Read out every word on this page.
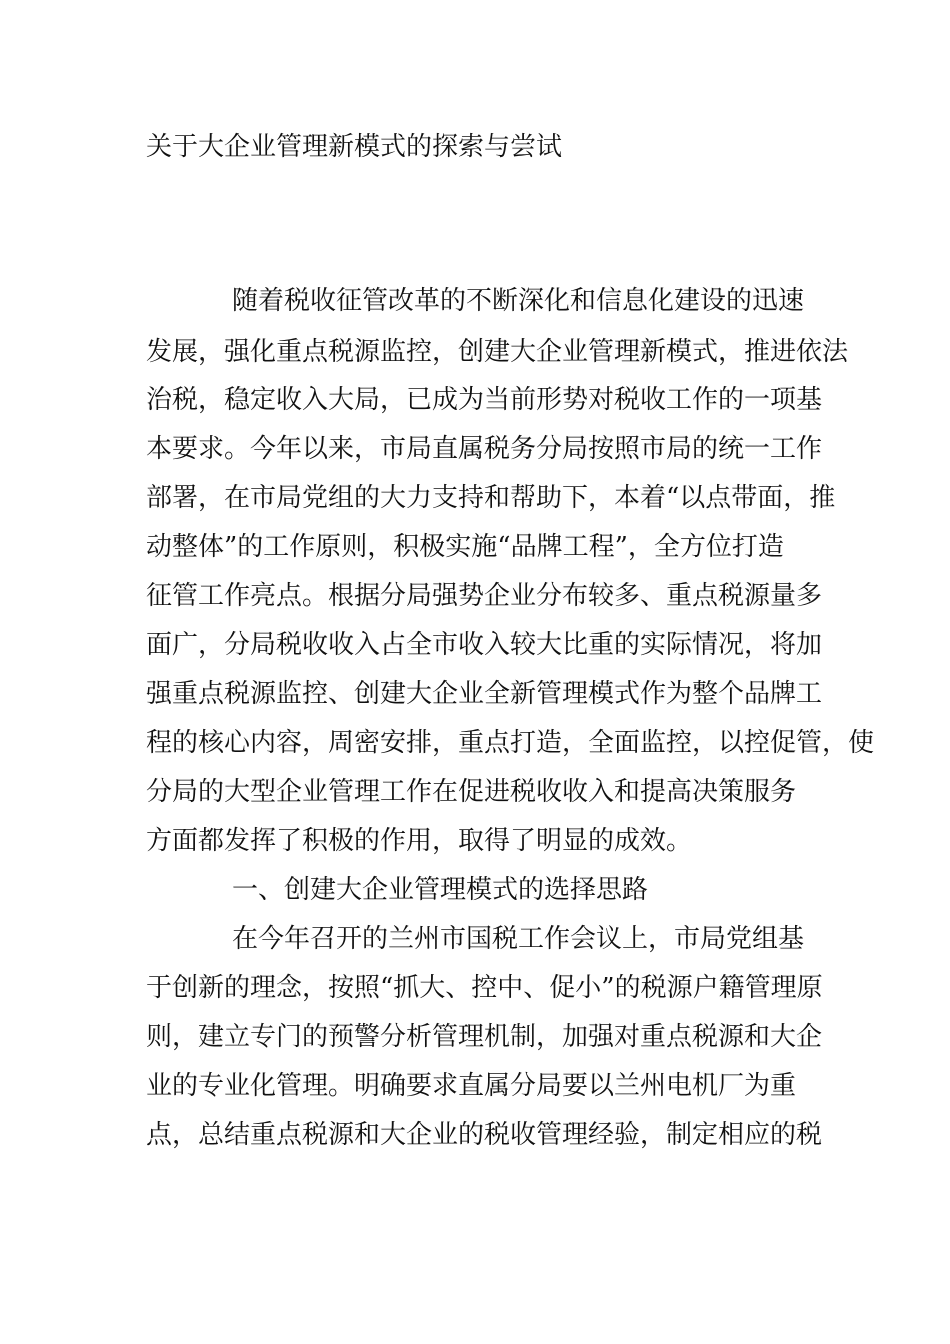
关于大企业管理新模式的探索与尝试

随着税收征管改革的不断深化和信息化建设的迅速

发展，强化重点税源监控，创建大企业管理新模式，推进依法

治税，稳定收入大局，已成为当前形势对税收工作的一项基

本要求。今年以来，市局直属税务分局按照市局的统一工作

部署，在市局党组的大力支持和帮助下，本着“以点带面，推

动整体”的工作原则，积极实施“品牌工程”，全方位打造

征管工作亮点。根据分局强势企业分布较多、重点税源量多

面广，分局税收收入占全市收入较大比重的实际情况，将加

强重点税源监控、创建大企业全新管理模式作为整个品牌工

程的核心内容，周密安排，重点打造，全面监控，以控促管，使

分局的大型企业管理工作在促进税收收入和提高决策服务

方面都发挥了积极的作用，取得了明显的成效。

一、创建大企业管理模式的选择思路

在今年召开的兰州市国税工作会议上，市局党组基

于创新的理念，按照“抓大、控中、促小”的税源户籍管理原

则，建立专门的预警分析管理机制，加强对重点税源和大企

业的专业化管理。明确要求直属分局要以兰州电机厂为重

点，总结重点税源和大企业的税收管理经验，制定相应的税
